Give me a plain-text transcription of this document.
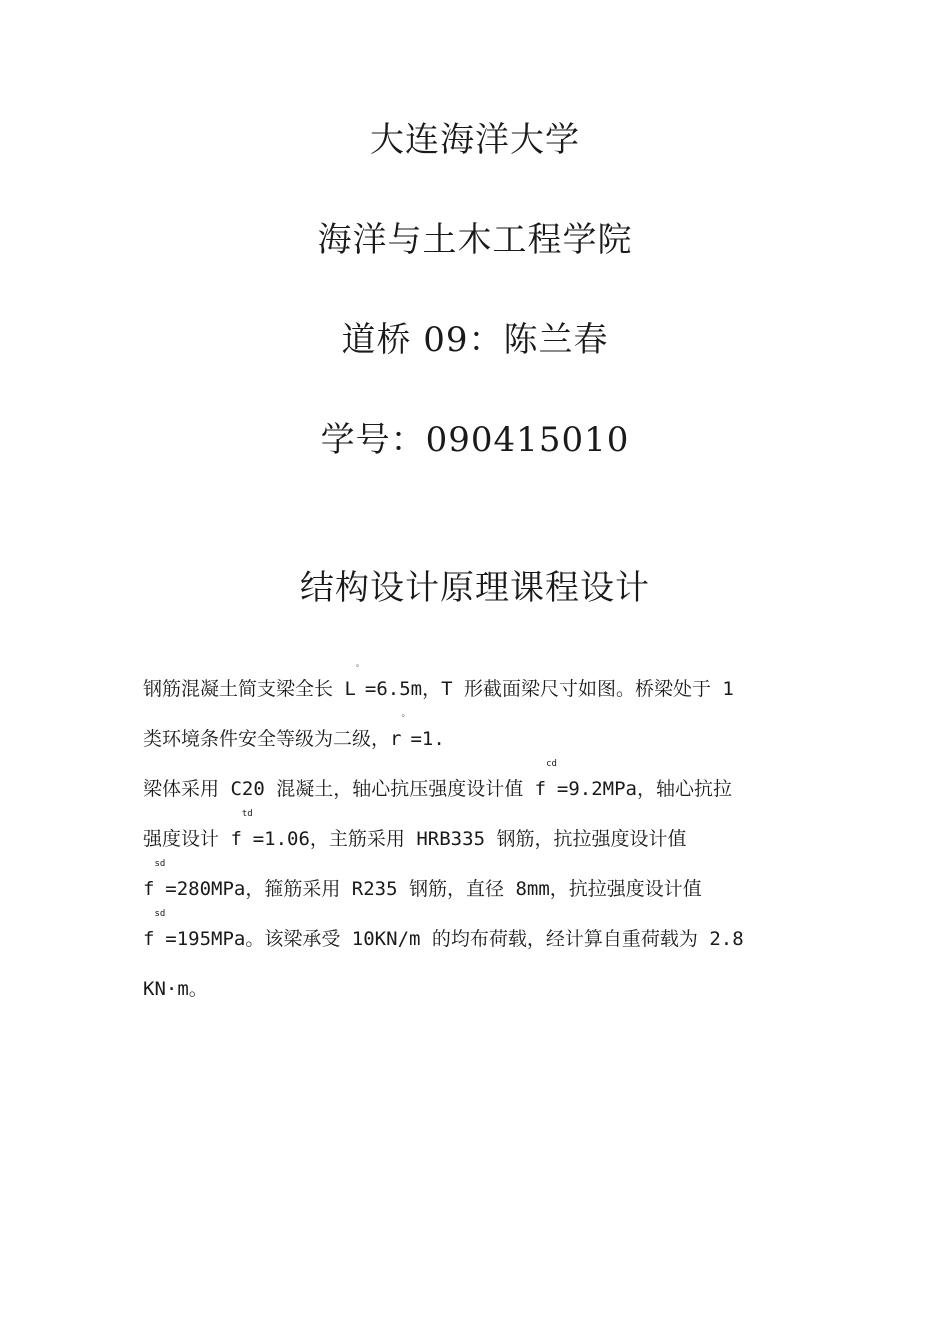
大连海洋大学
海洋与土木工程学院
道桥 09：陈兰春
学号：090415010
结构设计原理课程设计
钢筋混凝土简支梁全长 L
。
=6.5m，T 形截面梁尺寸如图。桥梁处于 1
类环境条件安全等级为二级，r
。
=1.
梁体采用 C20 混凝土，轴心抗压强度设计值 f
cd
=9.2MPa，轴心抗拉
强度设计 f
td
=1.06，主筋采用 HRB335 钢筋，抗拉强度设计值
f
sd
=280MPa，箍筋采用 R235 钢筋，直径 8mm，抗拉强度设计值
f
sd
=195MPa。该梁承受 10KN/m 的均布荷载，经计算自重荷载为 2.8
KN·m。
